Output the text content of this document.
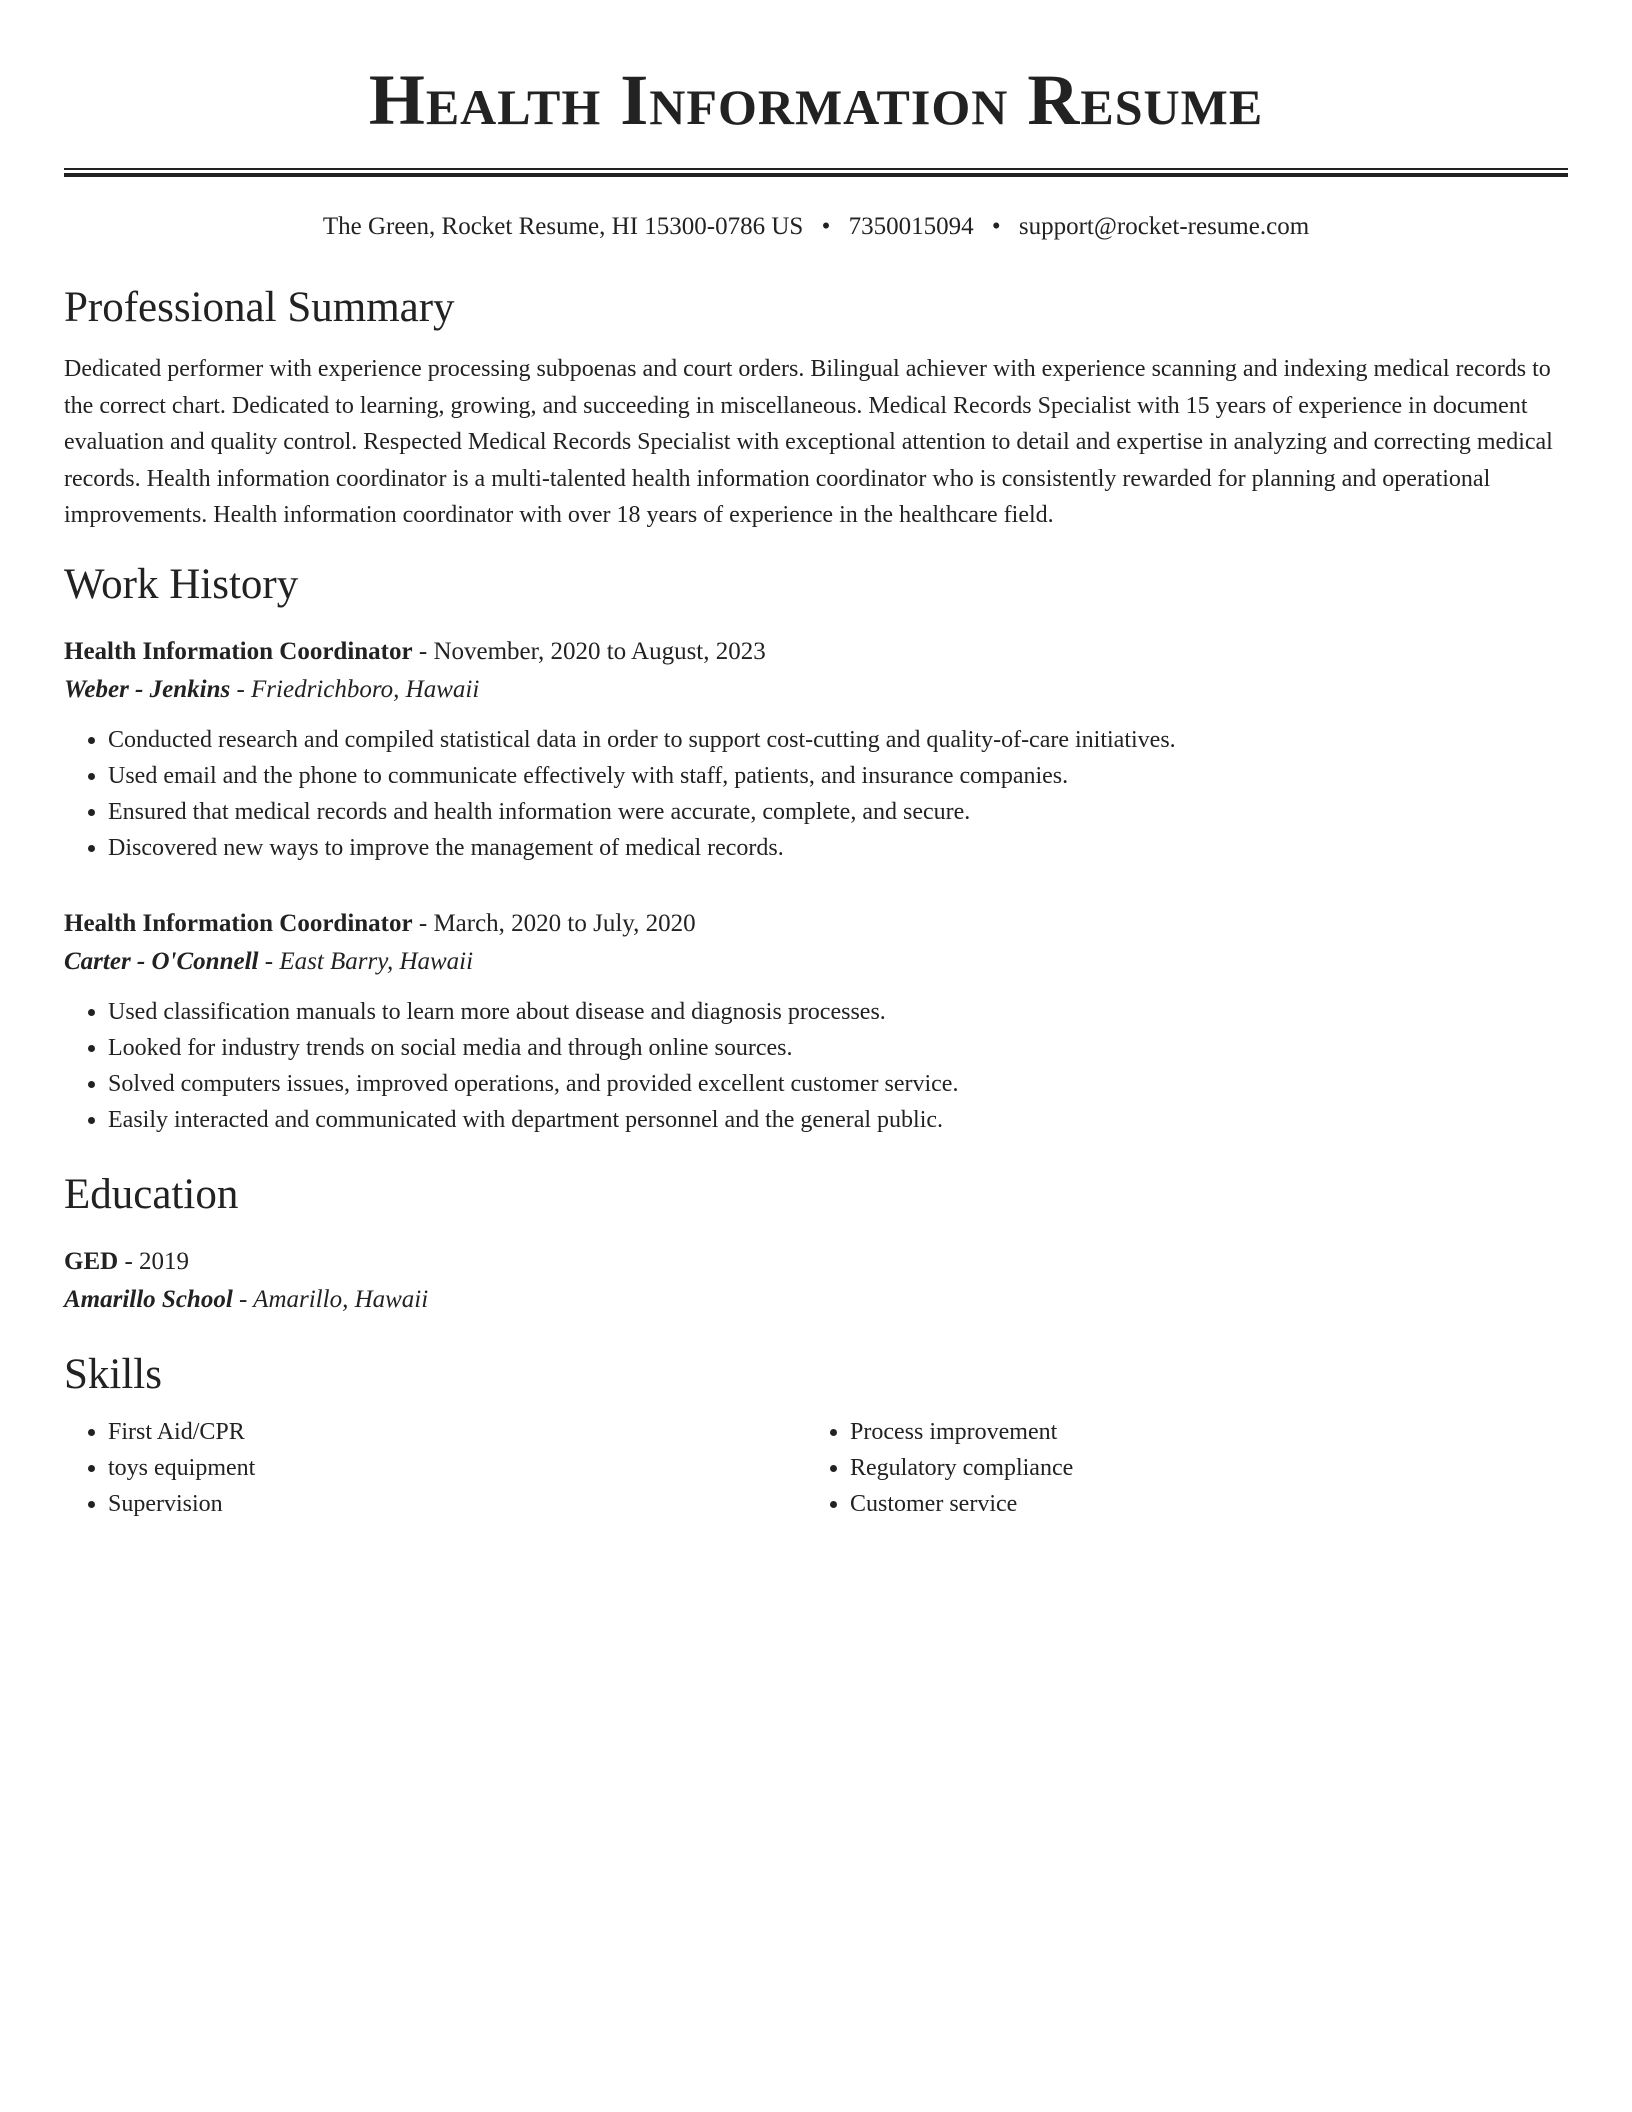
Health Information Resume
The Green, Rocket Resume, HI 15300-0786 US • 7350015094 • support@rocket-resume.com
Professional Summary

Dedicated performer with experience processing subpoenas and court orders. Bilingual achiever with experience scanning and indexing medical records to the correct chart. Dedicated to learning, growing, and succeeding in miscellaneous. Medical Records Specialist with 15 years of experience in document evaluation and quality control. Respected Medical Records Specialist with exceptional attention to detail and expertise in analyzing and correcting medical records. Health information coordinator is a multi-talented health information coordinator who is consistently rewarded for planning and operational improvements. Health information coordinator with over 18 years of experience in the healthcare field.

Work History
Health Information Coordinator - November, 2020 to August, 2023
Weber - Jenkins - Friedrichboro, Hawaii
• Conducted research and compiled statistical data in order to support cost-cutting and quality-of-care initiatives.
• Used email and the phone to communicate effectively with staff, patients, and insurance companies.
• Ensured that medical records and health information were accurate, complete, and secure.
• Discovered new ways to improve the management of medical records.
Health Information Coordinator - March, 2020 to July, 2020
Carter - O'Connell - East Barry, Hawaii
• Used classification manuals to learn more about disease and diagnosis processes.
• Looked for industry trends on social media and through online sources.
• Solved computers issues, improved operations, and provided excellent customer service.
• Easily interacted and communicated with department personnel and the general public.
Education
GED - 2019
Amarillo School - Amarillo, Hawaii
Skills
• First Aid/CPR
• toys equipment
• Supervision
• Process improvement
• Regulatory compliance
• Customer service
